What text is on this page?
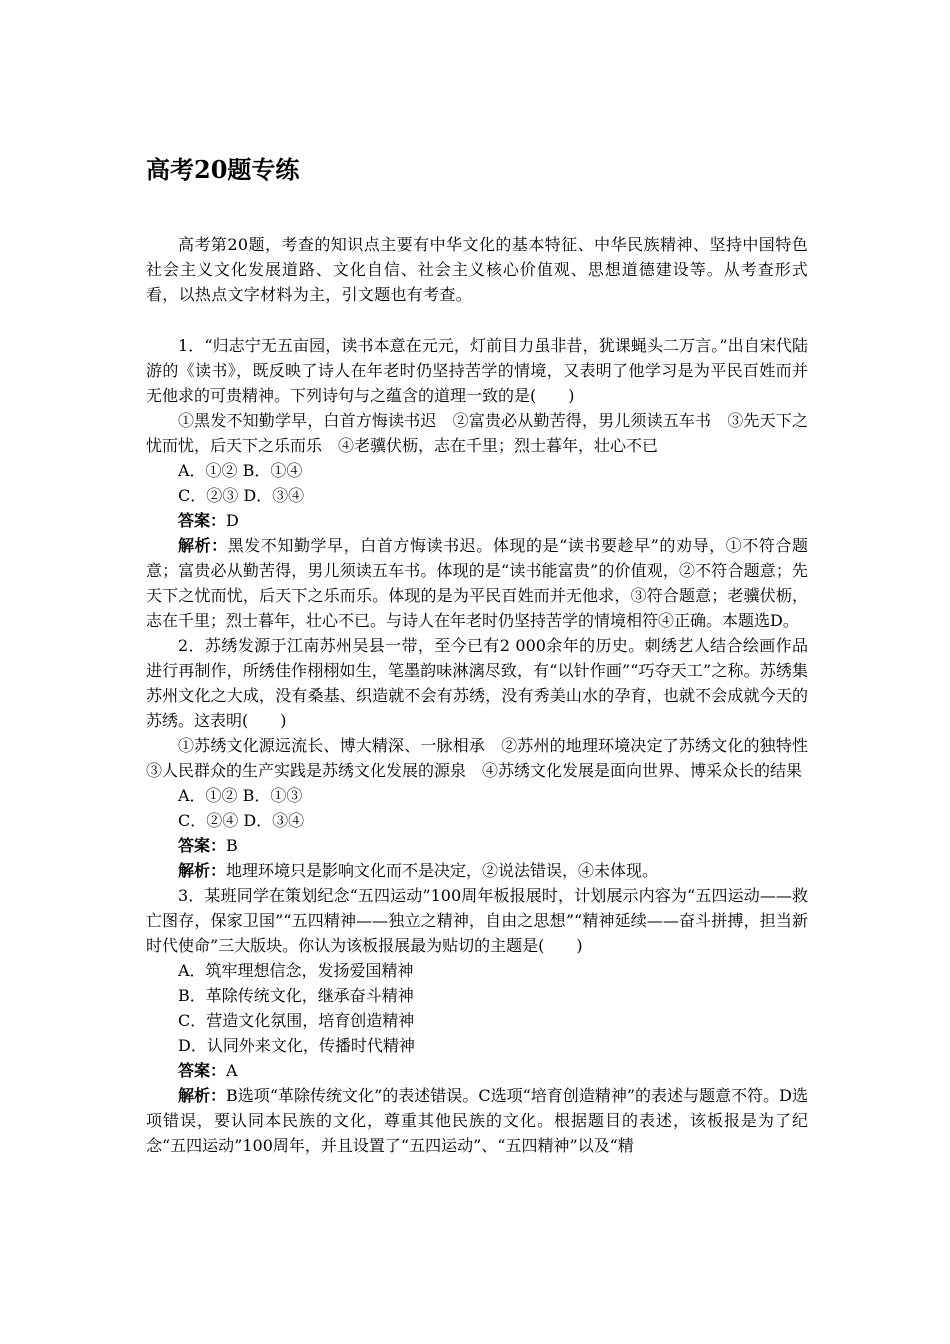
高考20题专练

高考第20题，考查的知识点主要有中华文化的基本特征、中华民族精神、坚持中国特色社会主义文化发展道路、文化自信、社会主义核心价值观、思想道德建设等。从考查形式看，以热点文字材料为主，引文题也有考查。

1．“归志宁无五亩园，读书本意在元元，灯前目力虽非昔，犹课蝇头二万言。”出自宋代陆游的《读书》，既反映了诗人在年老时仍坚持苦学的情境，又表明了他学习是为平民百姓而并无他求的可贵精神。下列诗句与之蕴含的道理一致的是(　　)

①黑发不知勤学早，白首方悔读书迟　②富贵必从勤苦得，男儿须读五车书　③先天下之忧而忧，后天下之乐而乐　④老骥伏枥，志在千里；烈士暮年，壮心不已

A．①② B．①④

C．②③ D．③④

答案：D

解析：黑发不知勤学早，白首方悔读书迟。体现的是“读书要趁早”的劝导，①不符合题意；富贵必从勤苦得，男儿须读五车书。体现的是“读书能富贵”的价值观，②不符合题意；先天下之忧而忧，后天下之乐而乐。体现的是为平民百姓而并无他求，③符合题意；老骥伏枥，志在千里；烈士暮年，壮心不已。与诗人在年老时仍坚持苦学的情境相符④正确。本题选D。

2．苏绣发源于江南苏州吴县一带，至今已有2 000余年的历史。刺绣艺人结合绘画作品进行再制作，所绣佳作栩栩如生，笔墨韵味淋漓尽致，有“以针作画”“巧夺天工”之称。苏绣集苏州文化之大成，没有桑基、织造就不会有苏绣，没有秀美山水的孕育，也就不会成就今天的苏绣。这表明(　　)

①苏绣文化源远流长、博大精深、一脉相承　②苏州的地理环境决定了苏绣文化的独特性　③人民群众的生产实践是苏绣文化发展的源泉　④苏绣文化发展是面向世界、博采众长的结果

A．①② B．①③

C．②④ D．③④

答案：B

解析：地理环境只是影响文化而不是决定，②说法错误，④未体现。

3．某班同学在策划纪念“五四运动”100周年板报展时，计划展示内容为“五四运动——救亡图存，保家卫国”“五四精神——独立之精神，自由之思想”“精神延续——奋斗拼搏，担当新时代使命”三大版块。你认为该板报展最为贴切的主题是(　　)

A．筑牢理想信念，发扬爱国精神

B．革除传统文化，继承奋斗精神

C．营造文化氛围，培育创造精神

D．认同外来文化，传播时代精神

答案：A

解析：B选项“革除传统文化”的表述错误。C选项“培育创造精神”的表述与题意不符。D选项错误，要认同本民族的文化，尊重其他民族的文化。根据题目的表述，该板报是为了纪念“五四运动”100周年，并且设置了“五四运动”、“五四精神”以及“精
